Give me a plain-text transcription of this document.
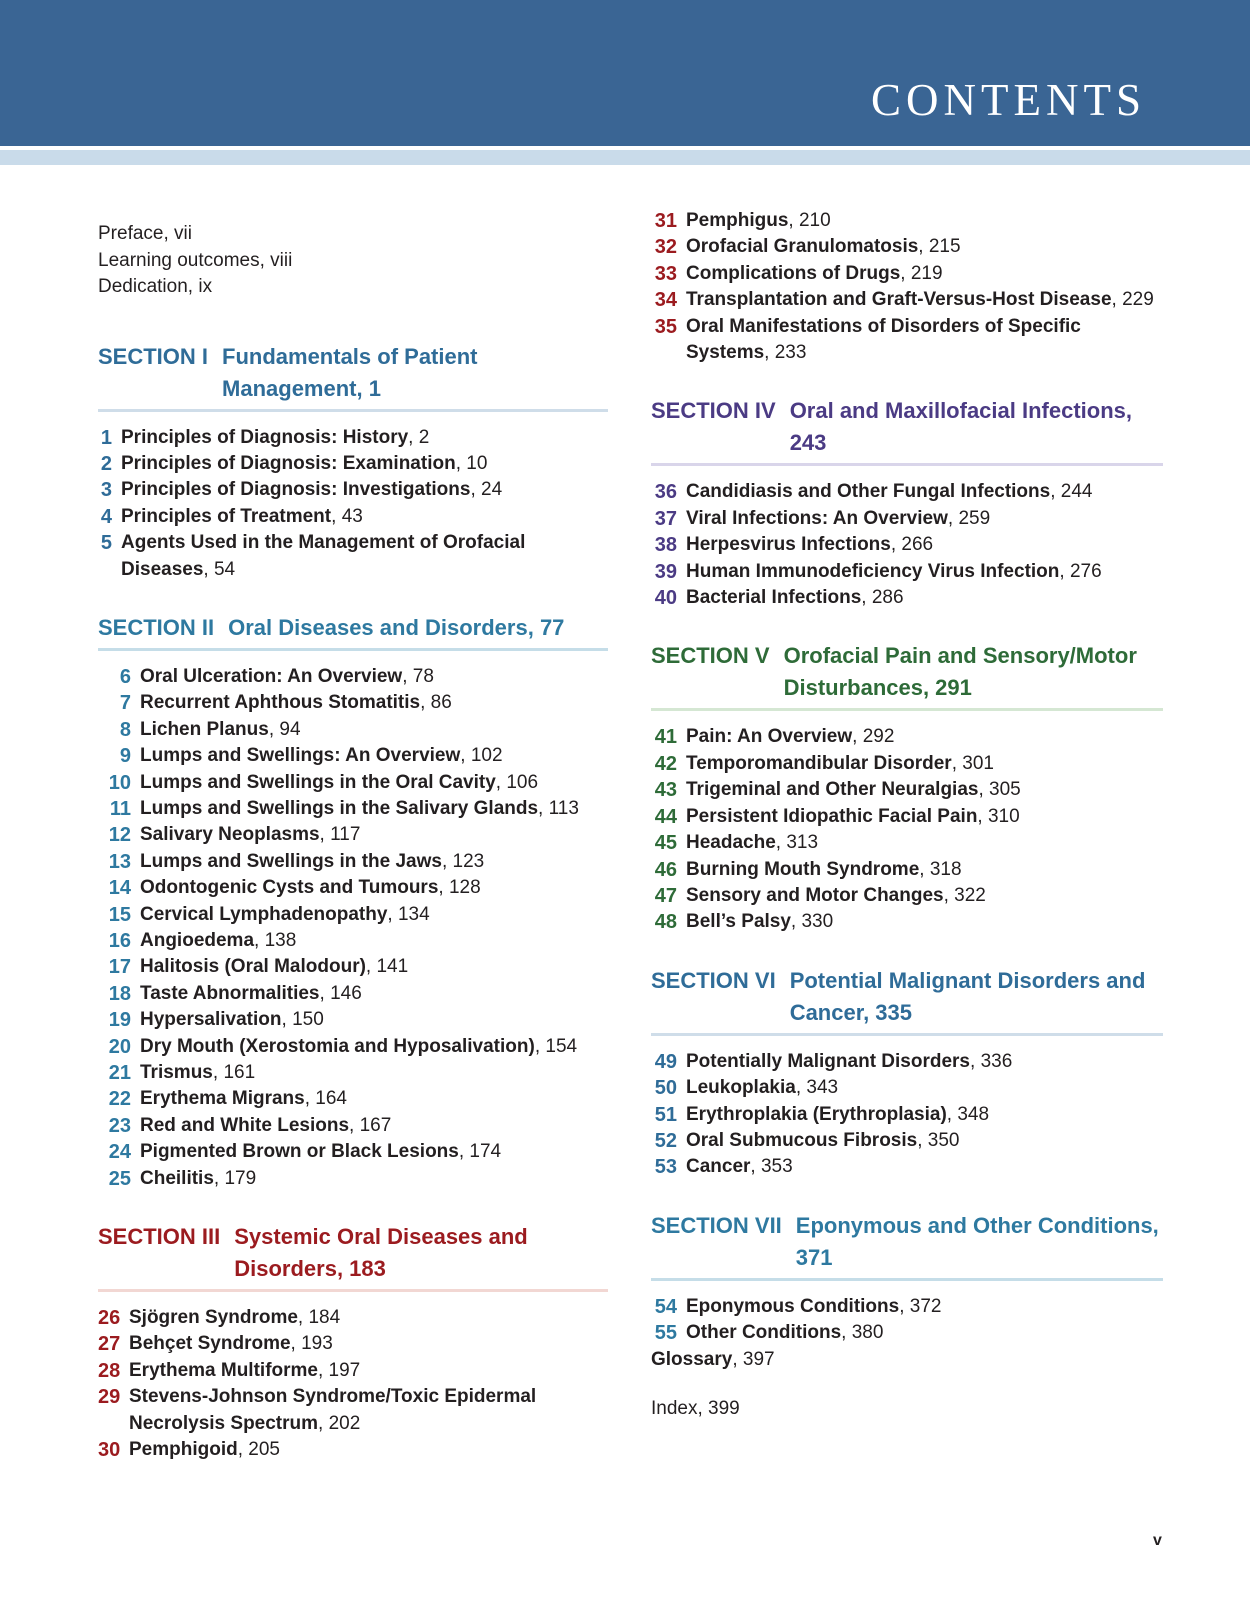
CONTENTS
Preface, vii
Learning outcomes, viii
Dedication, ix
SECTION I Fundamentals of Patient Management, 1
1 Principles of Diagnosis: History, 2
2 Principles of Diagnosis: Examination, 10
3 Principles of Diagnosis: Investigations, 24
4 Principles of Treatment, 43
5 Agents Used in the Management of Orofacial Diseases, 54
SECTION II Oral Diseases and Disorders, 77
6 Oral Ulceration: An Overview, 78
7 Recurrent Aphthous Stomatitis, 86
8 Lichen Planus, 94
9 Lumps and Swellings: An Overview, 102
10 Lumps and Swellings in the Oral Cavity, 106
11 Lumps and Swellings in the Salivary Glands, 113
12 Salivary Neoplasms, 117
13 Lumps and Swellings in the Jaws, 123
14 Odontogenic Cysts and Tumours, 128
15 Cervical Lymphadenopathy, 134
16 Angioedema, 138
17 Halitosis (Oral Malodour), 141
18 Taste Abnormalities, 146
19 Hypersalivation, 150
20 Dry Mouth (Xerostomia and Hyposalivation), 154
21 Trismus, 161
22 Erythema Migrans, 164
23 Red and White Lesions, 167
24 Pigmented Brown or Black Lesions, 174
25 Cheilitis, 179
SECTION III Systemic Oral Diseases and Disorders, 183
26 Sjögren Syndrome, 184
27 Behçet Syndrome, 193
28 Erythema Multiforme, 197
29 Stevens-Johnson Syndrome/Toxic Epidermal Necrolysis Spectrum, 202
30 Pemphigoid, 205
31 Pemphigus, 210
32 Orofacial Granulomatosis, 215
33 Complications of Drugs, 219
34 Transplantation and Graft-Versus-Host Disease, 229
35 Oral Manifestations of Disorders of Specific Systems, 233
SECTION IV Oral and Maxillofacial Infections, 243
36 Candidiasis and Other Fungal Infections, 244
37 Viral Infections: An Overview, 259
38 Herpesvirus Infections, 266
39 Human Immunodeficiency Virus Infection, 276
40 Bacterial Infections, 286
SECTION V Orofacial Pain and Sensory/Motor Disturbances, 291
41 Pain: An Overview, 292
42 Temporomandibular Disorder, 301
43 Trigeminal and Other Neuralgias, 305
44 Persistent Idiopathic Facial Pain, 310
45 Headache, 313
46 Burning Mouth Syndrome, 318
47 Sensory and Motor Changes, 322
48 Bell’s Palsy, 330
SECTION VI Potential Malignant Disorders and Cancer, 335
49 Potentially Malignant Disorders, 336
50 Leukoplakia, 343
51 Erythroplakia (Erythroplasia), 348
52 Oral Submucous Fibrosis, 350
53 Cancer, 353
SECTION VII Eponymous and Other Conditions, 371
54 Eponymous Conditions, 372
55 Other Conditions, 380
Glossary, 397
Index, 399
v
